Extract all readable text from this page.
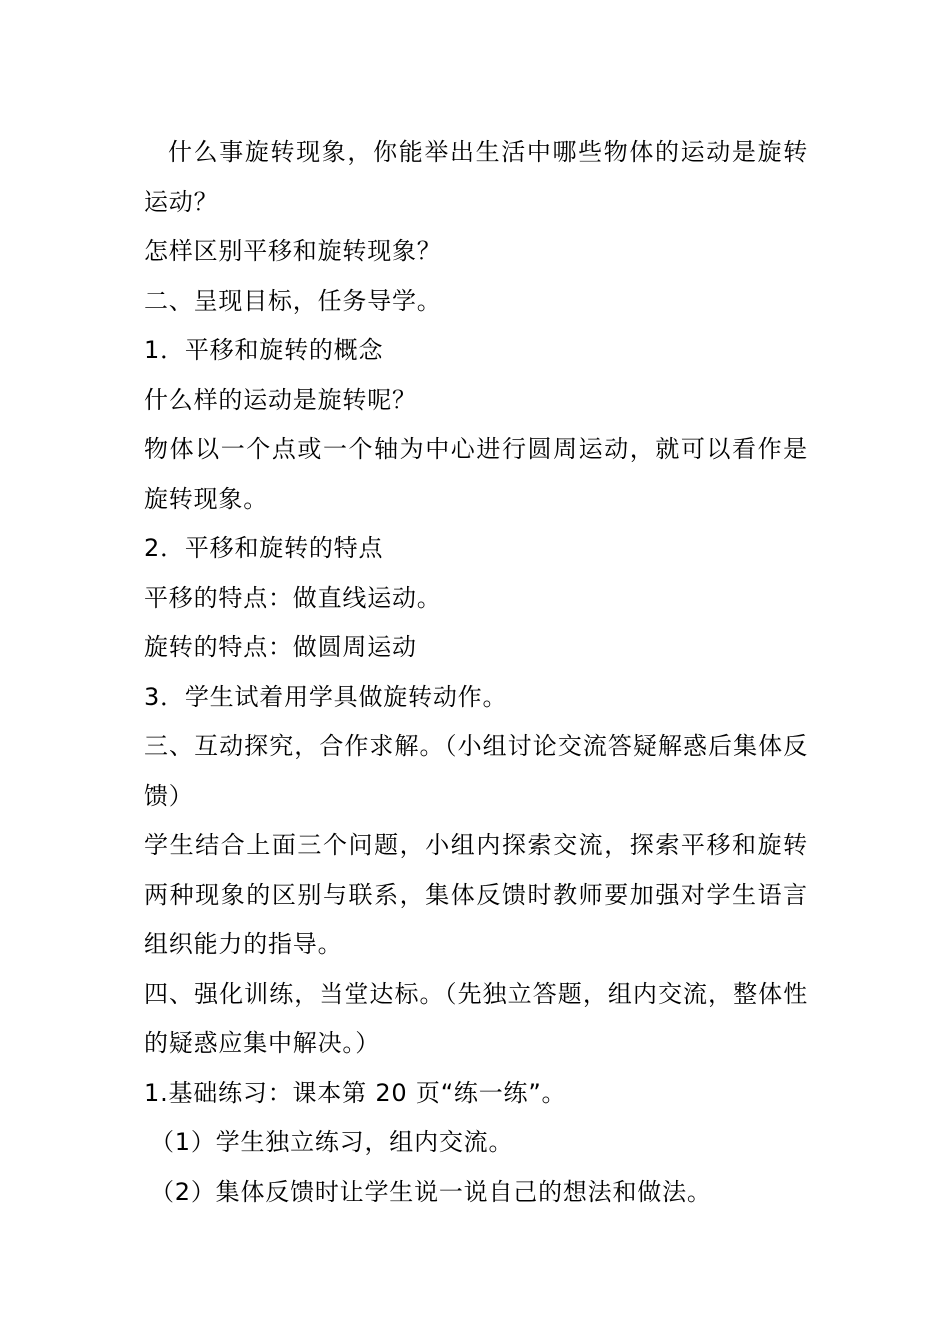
什么事旋转现象，你能举出生活中哪些物体的运动是旋转运动？

怎样区别平移和旋转现象？

二、呈现目标，任务导学。

1．平移和旋转的概念

什么样的运动是旋转呢？

物体以一个点或一个轴为中心进行圆周运动，就可以看作是旋转现象。

2．平移和旋转的特点

平移的特点：做直线运动。

旋转的特点：做圆周运动

3．学生试着用学具做旋转动作。

三、互动探究，合作求解。（小组讨论交流答疑解惑后集体反馈）

学生结合上面三个问题，小组内探索交流，探索平移和旋转两种现象的区别与联系，集体反馈时教师要加强对学生语言组织能力的指导。

四、强化训练，当堂达标。（先独立答题，组内交流，整体性的疑惑应集中解决。）

1.基础练习：课本第 20 页“练一练”。

（1）学生独立练习，组内交流。

（2）集体反馈时让学生说一说自己的想法和做法。
